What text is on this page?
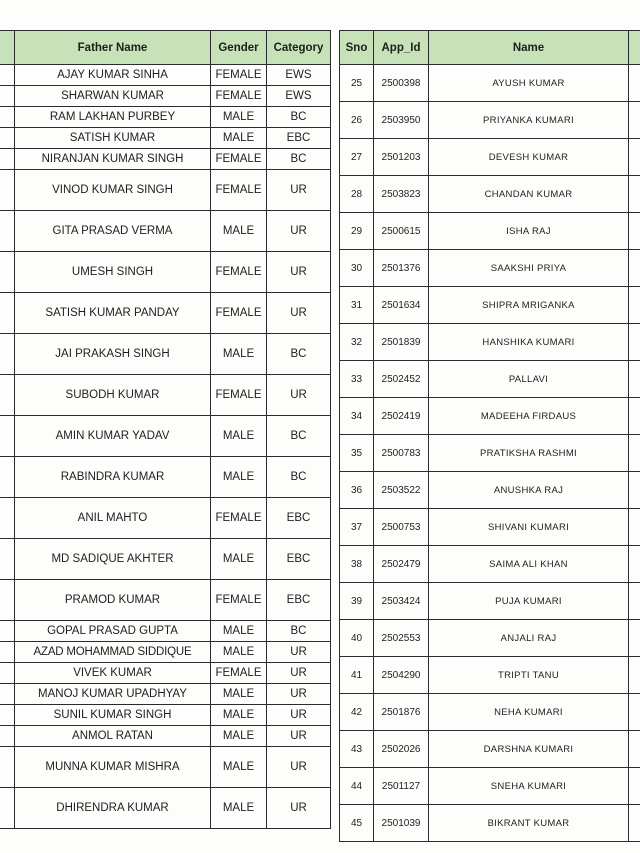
	Father Name	Gender	Category
	AJAY KUMAR SINHA	FEMALE	EWS
	SHARWAN KUMAR	FEMALE	EWS
	RAM LAKHAN PURBEY	MALE	BC
	SATISH KUMAR	MALE	EBC
	NIRANJAN KUMAR SINGH	FEMALE	BC
	VINOD KUMAR SINGH	FEMALE	UR
	GITA PRASAD VERMA	MALE	UR
	UMESH SINGH	FEMALE	UR
	SATISH KUMAR PANDAY	FEMALE	UR
	JAI PRAKASH SINGH	MALE	BC
	SUBODH KUMAR	FEMALE	UR
	AMIN KUMAR YADAV	MALE	BC
	RABINDRA KUMAR	MALE	BC
	ANIL MAHTO	FEMALE	EBC
	MD SADIQUE AKHTER	MALE	EBC
	PRAMOD KUMAR	FEMALE	EBC
	GOPAL PRASAD GUPTA	MALE	BC
	AZAD MOHAMMAD SIDDIQUE	MALE	UR
	VIVEK KUMAR	FEMALE	UR
	MANOJ KUMAR UPADHYAY	MALE	UR
	SUNIL KUMAR SINGH	MALE	UR
	ANMOL RATAN	MALE	UR
	MUNNA KUMAR MISHRA	MALE	UR
	DHIRENDRA KUMAR	MALE	UR
Sno	App_Id	Name	
25	2500398	AYUSH KUMAR	
26	2503950	PRIYANKA KUMARI	
27	2501203	DEVESH KUMAR	
28	2503823	CHANDAN KUMAR	
29	2500615	ISHA RAJ	
30	2501376	SAAKSHI PRIYA	
31	2501634	SHIPRA MRIGANKA	
32	2501839	HANSHIKA KUMARI	
33	2502452	PALLAVI	
34	2502419	MADEEHA FIRDAUS	
35	2500783	PRATIKSHA RASHMI	
36	2503522	ANUSHKA RAJ	
37	2500753	SHIVANI KUMARI	
38	2502479	SAIMA ALI KHAN	
39	2503424	PUJA KUMARI	
40	2502553	ANJALI RAJ	
41	2504290	TRIPTI TANU	
42	2501876	NEHA KUMARI	
43	2502026	DARSHNA KUMARI	
44	2501127	SNEHA KUMARI	
45	2501039	BIKRANT KUMAR	
